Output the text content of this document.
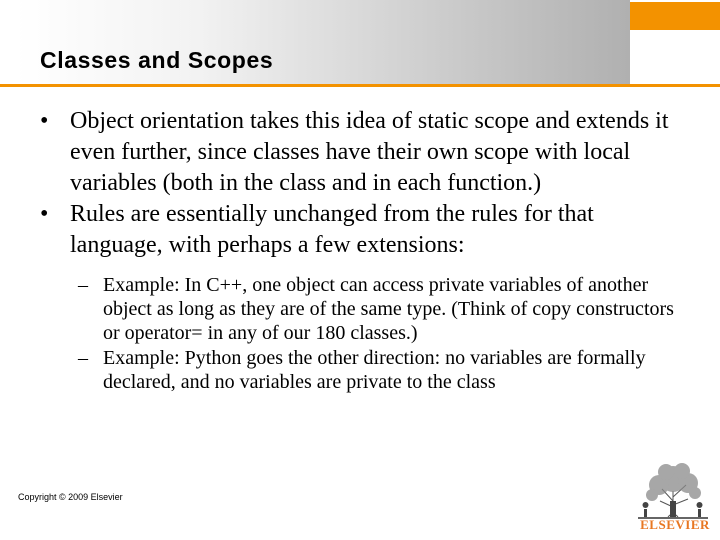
Classes and Scopes
• Object orientation takes this idea of static scope and extends it even further, since classes have their own scope with local variables (both in the class and in each function.)
• Rules are essentially unchanged from the rules for that language, with perhaps a few extensions:
– Example: In C++, one object can access private variables of another object as long as they are of the same type. (Think of copy constructors or operator= in any of our 180 classes.)
– Example: Python goes the other direction: no variables are formally declared, and no variables are private to the class
Copyright © 2009 Elsevier
ELSEVIER
